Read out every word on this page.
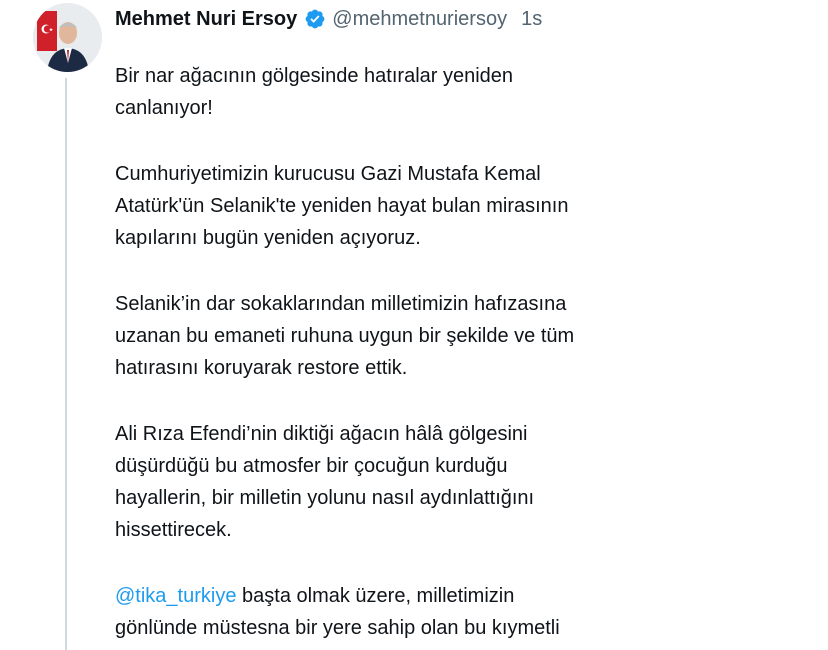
Mehmet Nuri Ersoy @mehmetnuriersoy 1s

Bir nar ağacının gölgesinde hatıralar yeniden
canlanıyor!

Cumhuriyetimizin kurucusu Gazi Mustafa Kemal
Atatürk'ün Selanik'te yeniden hayat bulan mirasının
kapılarını bugün yeniden açıyoruz.

Selanik’in dar sokaklarından milletimizin hafızasına
uzanan bu emaneti ruhuna uygun bir şekilde ve tüm
hatırasını koruyarak restore ettik.

Ali Rıza Efendi’nin diktiği ağacın hâlâ gölgesini
düşürdüğü bu atmosfer bir çocuğun kurduğu
hayallerin, bir milletin yolunu nasıl aydınlattığını
hissettirecek.

@tika_turkiye başta olmak üzere, milletimizin
gönlünde müstesna bir yere sahip olan bu kıymetli
